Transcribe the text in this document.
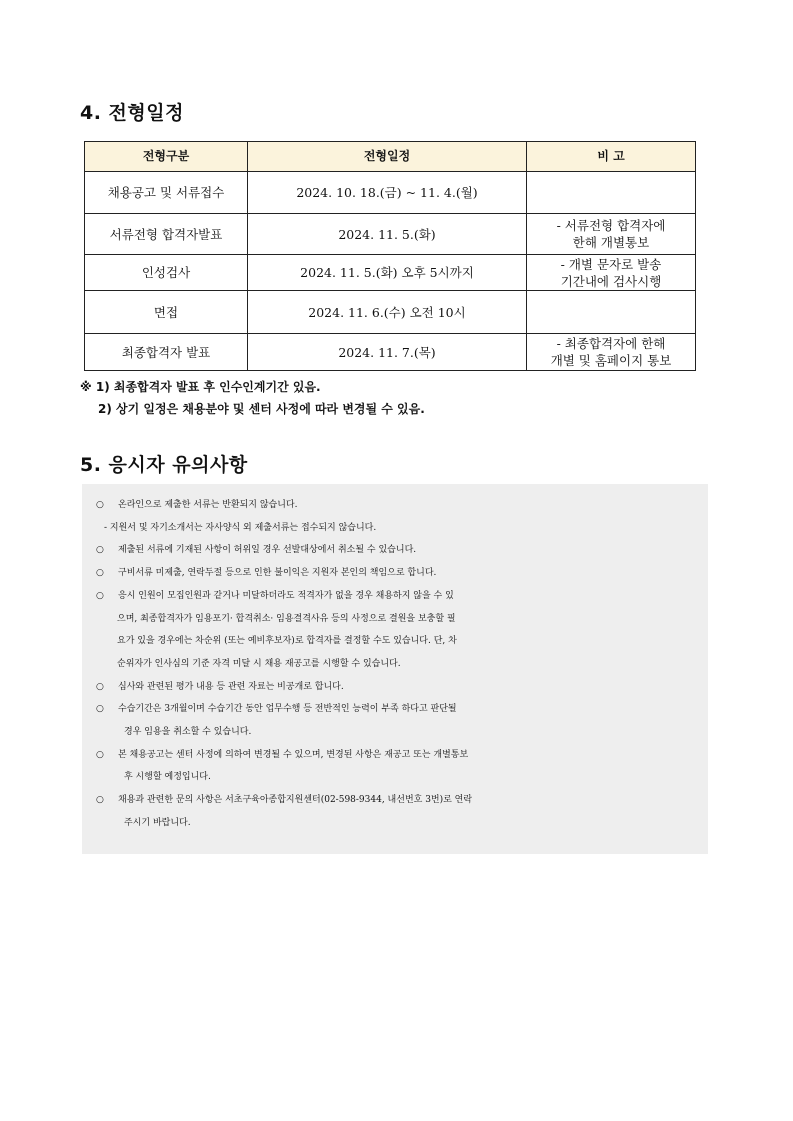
4. 전형일정
전형구분	전형일정	비 고
채용공고 및 서류접수	2024. 10. 18.(금) ~ 11. 4.(월)	
서류전형 합격자발표	2024. 11. 5.(화)	- 서류전형 합격자에
한해 개별통보

인성검사	2024. 11. 5.(화) 오후 5시까지	- 개별 문자로 발송
기간내에 검사시행

면접	2024. 11. 6.(수) 오전 10시	
최종합격자 발표	2024. 11. 7.(목)	- 최종합격자에 한해
개별 및 홈페이지 통보
※ 1) 최종합격자 발표 후 인수인계기간 있음.
2) 상기 일정은 채용분야 및 센터 사정에 따라 변경될 수 있음.
5. 응시자 유의사항
○ 온라인으로 제출한 서류는 반환되지 않습니다.
- 지원서 및 자기소개서는 자사양식 외 제출서류는 접수되지 않습니다.
○ 제출된 서류에 기재된 사항이 허위일 경우 선발대상에서 취소될 수 있습니다.
○ 구비서류 미제출, 연락두절 등으로 인한 불이익은 지원자 본인의 책임으로 합니다.
○ 응시 인원이 모집인원과 같거나 미달하더라도 적격자가 없을 경우 채용하지 않을 수 있
으며, 최종합격자가 임용포기· 합격취소· 임용결격사유 등의 사정으로 결원을 보충할 필
요가 있을 경우에는 차순위 (또는 예비후보자)로 합격자를 결정할 수도 있습니다. 단, 차
순위자가 인사심의 기준 자격 미달 시 채용 재공고를 시행할 수 있습니다.
○ 심사와 관련된 평가 내용 등 관련 자료는 비공개로 합니다.
○ 수습기간은 3개월이며 수습기간 동안 업무수행 등 전반적인 능력이 부족 하다고 판단될
경우 임용을 취소할 수 있습니다.
○ 본 채용공고는 센터 사정에 의하여 변경될 수 있으며, 변경된 사항은 재공고 또는 개별통보
후 시행할 예정입니다.
○ 채용과 관련한 문의 사항은 서초구육아종합지원센터(02-598-9344, 내선번호 3번)로 연락
주시기 바랍니다.
